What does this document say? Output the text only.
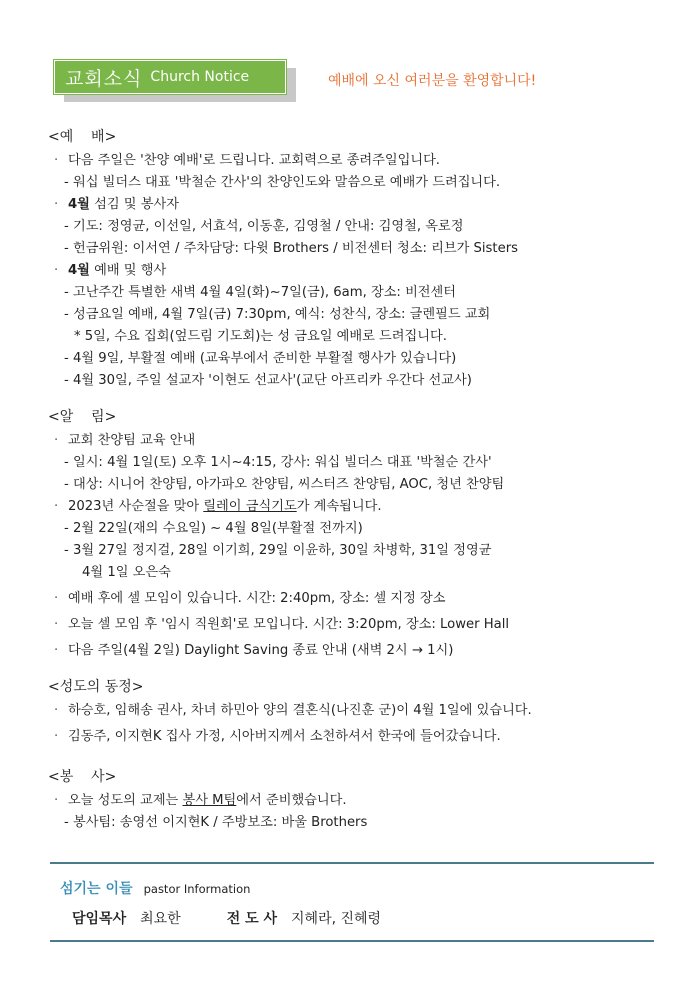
교회소식 Church Notice	예배에 오신 여러분을 환영합니다!
<예    배>
· 다음 주일은 '찬양 예배'로 드립니다. 교회력으로 종려주일입니다.
- 워십 빌더스 대표 '박철순 간사'의 찬양인도와 말씀으로 예배가 드려집니다.
· 4월 섬김 및 봉사자
- 기도: 정영균, 이선일, 서효석, 이동훈, 김영철 / 안내: 김영철, 옥로정
- 헌금위원: 이서연 / 주차담당: 다윗 Brothers / 비전센터 청소: 리브가 Sisters
· 4월 예배 및 행사
- 고난주간 특별한 새벽 4월 4일(화)~7일(금), 6am, 장소: 비전센터
- 성금요일 예배, 4월 7일(금) 7:30pm, 예식: 성찬식, 장소: 글렌필드 교회
* 5일, 수요 집회(엎드림 기도회)는 성 금요일 예배로 드려집니다.
- 4월 9일, 부활절 예배 (교육부에서 준비한 부활절 행사가 있습니다)
- 4월 30일, 주일 설교자 '이현도 선교사'(교단 아프리카 우간다 선교사)
<알    림>
· 교회 찬양팀 교육 안내
- 일시: 4월 1일(토) 오후 1시~4:15, 강사: 워십 빌더스 대표 '박철순 간사'
- 대상: 시니어 찬양팀, 아가파오 찬양팀, 씨스터즈 찬양팀, AOC, 청년 찬양팀
· 2023년 사순절을 맞아 릴레이 금식기도가 계속됩니다.
- 2월 22일(재의 수요일) ~ 4월 8일(부활절 전까지)
- 3월 27일 정지걸, 28일 이기희, 29일 이윤하, 30일 차병학, 31일 정영균
4월 1일 오은숙
· 예배 후에 셀 모임이 있습니다. 시간: 2:40pm, 장소: 셀 지정 장소
· 오늘 셀 모임 후 '임시 직원회'로 모입니다. 시간: 3:20pm, 장소: Lower Hall
· 다음 주일(4월 2일) Daylight Saving 종료 안내 (새벽 2시 → 1시)
<성도의 동정>
· 하승호, 임해송 권사, 차녀 하민아 양의 결혼식(나진훈 군)이 4월 1일에 있습니다.
· 김동주, 이지현K 집사 가정, 시아버지께서 소천하셔서 한국에 들어갔습니다.
<봉    사>
· 오늘 성도의 교제는 봉사 M팀에서 준비했습니다.
- 봉사팀: 송영선 이지현K / 주방보조: 바울 Brothers
섬기는 이들 pastor Information
담임목사 최요한	전 도 사 지혜라, 진혜령
